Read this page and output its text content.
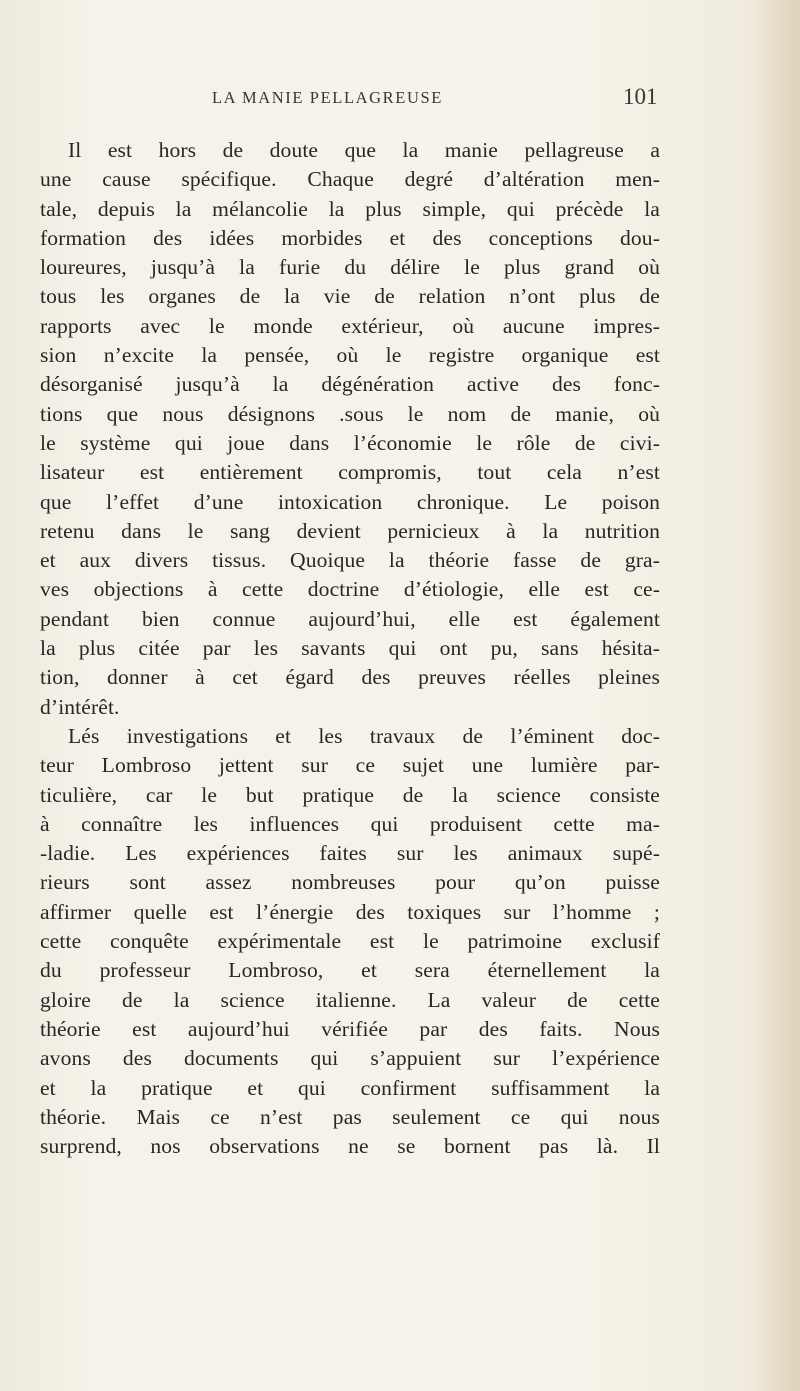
LA MANIE PELLAGREUSE	101
Il est hors de doute que la manie pellagreuse a
une cause spécifique. Chaque degré d’altération men-
tale, depuis la mélancolie la plus simple, qui précède la
formation des idées morbides et des conceptions dou-
loureures, jusqu’à la furie du délire le plus grand où
tous les organes de la vie de relation n’ont plus de
rapports avec le monde extérieur, où aucune impres-
sion n’excite la pensée, où le registre organique est
désorganisé jusqu’à la dégénération active des fonc-
tions que nous désignons .sous le nom de manie, où
le système qui joue dans l’économie le rôle de civi-
lisateur est entièrement compromis, tout cela n’est
que l’effet d’une intoxication chronique. Le poison
retenu dans le sang devient pernicieux à la nutrition
et aux divers tissus. Quoique la théorie fasse de gra-
ves objections à cette doctrine d’étiologie, elle est ce-
pendant bien connue aujourd’hui, elle est également
la plus citée par les savants qui ont pu, sans hésita-
tion, donner à cet égard des preuves réelles pleines
d’intérêt.
Lés investigations et les travaux de l’éminent doc-
teur Lombroso jettent sur ce sujet une lumière par-
ticulière, car le but pratique de la science consiste
à connaître les influences qui produisent cette ma-
-ladie. Les expériences faites sur les animaux supé-
rieurs sont assez nombreuses pour qu’on puisse
affirmer quelle est l’énergie des toxiques sur l’homme ;
cette conquête expérimentale est le patrimoine exclusif
du professeur Lombroso, et sera éternellement la
gloire de la science italienne. La valeur de cette
théorie est aujourd’hui vérifiée par des faits. Nous
avons des documents qui s’appuient sur l’expérience
et la pratique et qui confirment suffisamment la
théorie. Mais ce n’est pas seulement ce qui nous
surprend, nos observations ne se bornent pas là. Il
